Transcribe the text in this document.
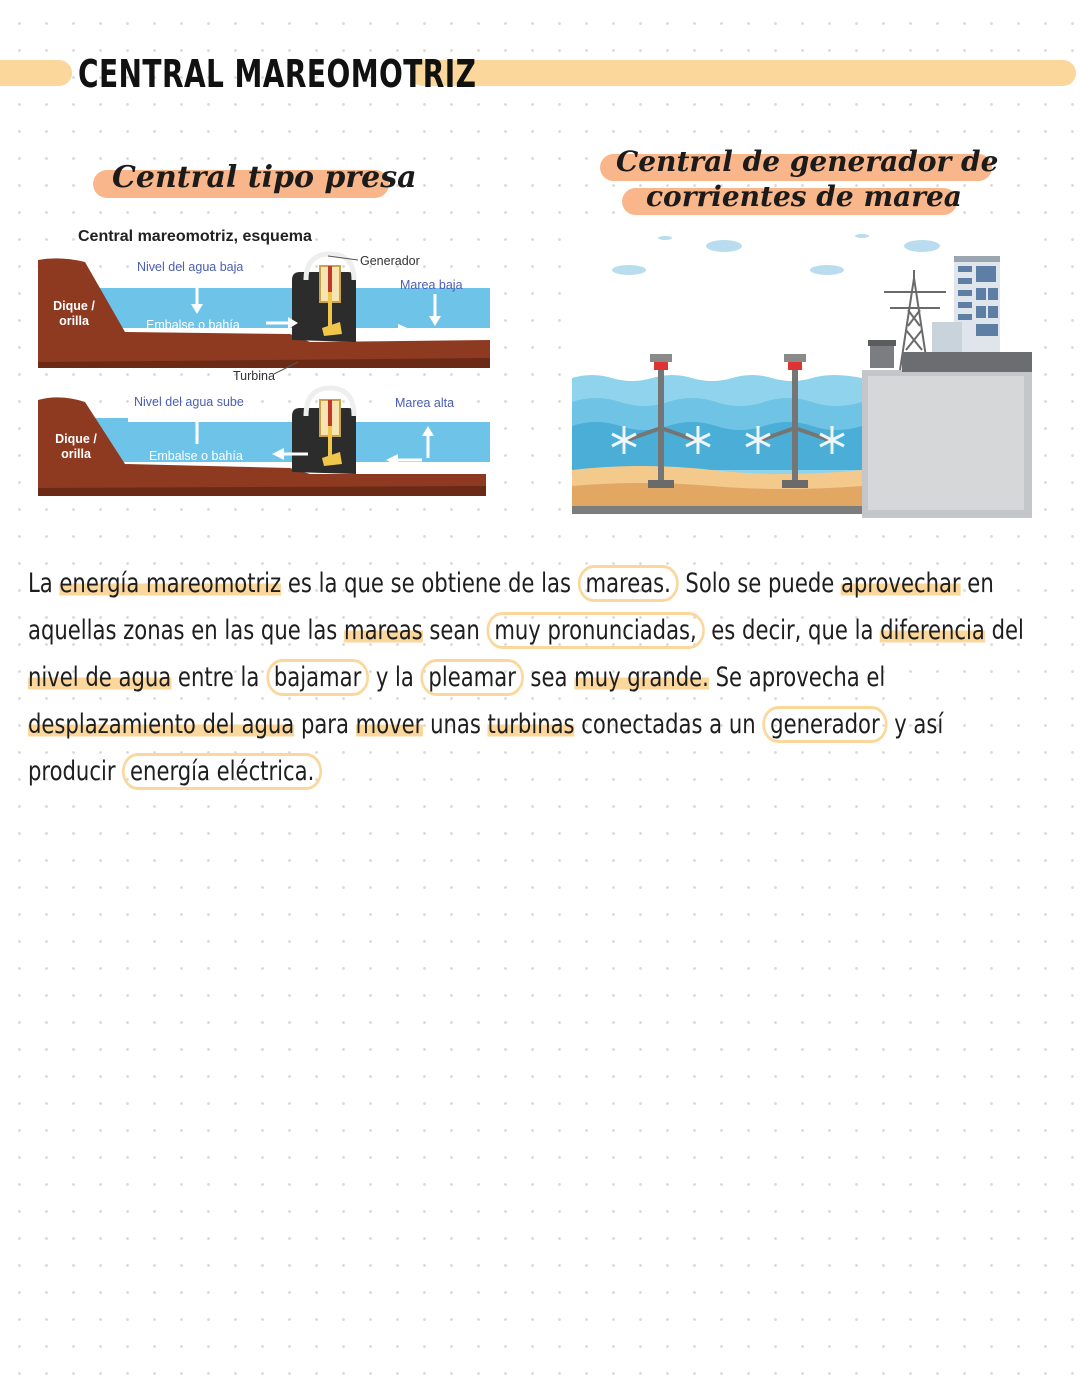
CENTRAL MAREOMOTRIZ
Central tipo presa	Central de generador de
corrientes de marea
Central mareomotriz, esquema
Nivel del agua baja	Generador
Marea baja
Dique /
orilla	Embalse o bahía
Turbina
Nivel del agua sube	Marea alta
Dique /
orilla	Embalse o bahía
La energía mareomotriz es la que se obtiene de las mareas. Solo se puede aprovechar en
aquellas zonas en las que las mareas sean muy pronunciadas, es decir, que la diferencia del
nivel de agua entre la bajamar y la pleamar sea muy grande. Se aprovecha el
desplazamiento del agua para mover unas turbinas conectadas a un generador y así
producir energía eléctrica.
